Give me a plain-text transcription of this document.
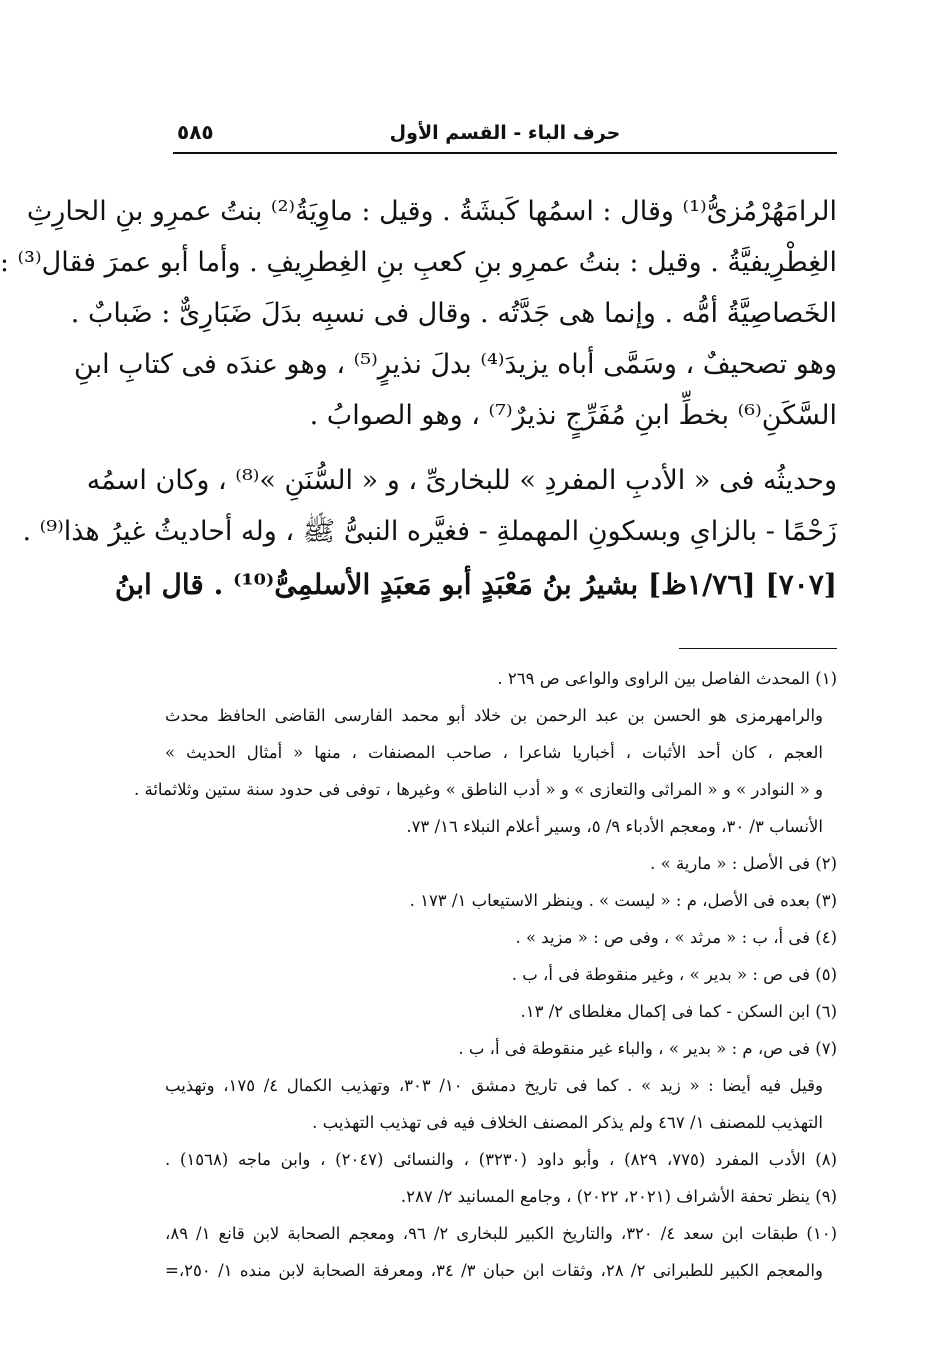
حرف الباء - القسم الأول
٥٨٥
الرامَهُرْمُزىُّ⁽¹⁾ وقال : اسمُها كَبشَةُ . وقيل : ماوِيَةُ⁽²⁾ بنتُ عمرِو بنِ الحارِثِ
الغِطْرِيفيَّةُ . وقيل : بنتُ عمرِو بنِ كعبِ بنِ الغِطرِيفِ . وأما أبو عمرَ فقال⁽³⁾ :
الخَصاصِيَّةُ أمُّه . وإنما هى جَدَّتُه . وقال فى نسبِه بدَلَ ضَبَارِىٌّ : ضَبابٌ .
وهو تصحيفٌ ، وسَمَّى أباه يزيدَ⁽⁴⁾ بدلَ نذيرٍ⁽⁵⁾ ، وهو عندَه فى كتابِ ابنِ
السَّكَنِ⁽⁶⁾ بخطِّ ابنِ مُفَرِّجٍ نذيرٌ⁽⁷⁾ ، وهو الصوابُ .
وحديثُه فى « الأدبِ المفردِ » للبخارىِّ ، و « السُّنَنِ »⁽⁸⁾ ، وكان اسمُه
زَحْمًا - بالزاىِ وبسكونِ المهملةِ - فغيَّره النبىُّ ﷺ ، وله أحاديثُ غيرُ هذا⁽⁹⁾ .
[٧٠٧] [١/٧٦ظ] بشيرُ بنُ مَعْبَدٍ أبو مَعبَدٍ الأسلمِىُّ⁽¹⁰⁾ . قال ابنُ
(١) المحدث الفاصل بين الراوى والواعى ص ٢٦٩ .
والرامهرمزى هو الحسن بن عبد الرحمن بن خلاد أبو محمد الفارسى القاضى الحافظ محدث
العجم ، كان أحد الأثبات ، أخباريا شاعرا ، صاحب المصنفات ، منها « أمثال الحديث »
و « النوادر » و « المراثى والتعازى » و « أدب الناطق » وغيرها ، توفى فى حدود سنة ستين وثلاثمائة .
الأنساب ٣/ ٣٠، ومعجم الأدباء ٩/ ٥، وسير أعلام النبلاء ١٦/ ٧٣.
(٢) فى الأصل : « مارية » .
(٣) بعده فى الأصل، م : « ليست » . وينظر الاستيعاب ١/ ١٧٣ .
(٤) فى أ، ب : « مرثد » ، وفى ص : « مزيد » .
(٥) فى ص : « بدير » ، وغير منقوطة فى أ، ب .
(٦) ابن السكن - كما فى إكمال مغلطاى ٢/ ١٣.
(٧) فى ص، م : « بدير » ، والباء غير منقوطة فى أ، ب .
وقيل فيه أيضا : « زيد » . كما فى تاريخ دمشق ١٠/ ٣٠٣، وتهذيب الكمال ٤/ ١٧٥، وتهذيب
التهذيب للمصنف ١/ ٤٦٧ ولم يذكر المصنف الخلاف فيه فى تهذيب التهذيب .
(٨) الأدب المفرد (٧٧٥، ٨٢٩) ، وأبو داود (٣٢٣٠) ، والنسائى (٢٠٤٧) ، وابن ماجه (١٥٦٨) .
(٩) ينظر تحفة الأشراف (٢٠٢١، ٢٠٢٢) ، وجامع المسانيد ٢/ ٢٨٧.
(١٠) طبقات ابن سعد ٤/ ٣٢٠، والتاريخ الكبير للبخارى ٢/ ٩٦، ومعجم الصحابة لابن قانع ١/ ٨٩،
والمعجم الكبير للطبرانى ٢/ ٢٨، وثقات ابن حبان ٣/ ٣٤، ومعرفة الصحابة لابن منده ١/ ٢٥٠،=
